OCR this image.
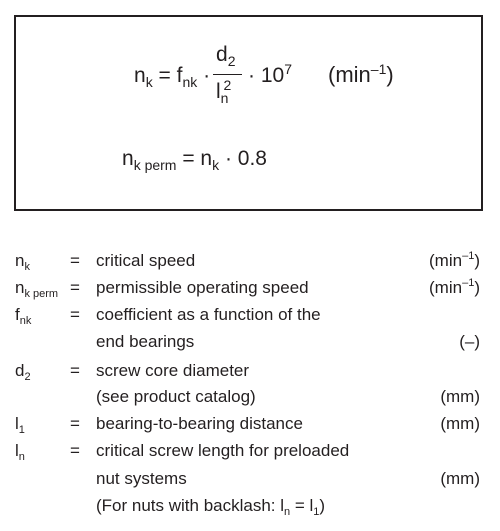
$n_k = f_{nk}$ ·
$d_2$
$l_n^2 \cdot 10^7$ $(\min^{-1})$
$n_{k perm} = n_k \cdot 0.8$
$n_k$ = critical speed	$(\min^{-1})$
$n_{k perm}$ = permissible operating speed	$(\min^{-1})$
$f_{nk}$ = coefficient as a function of the
end bearings	(–)
$d_2$ = screw core diameter
(see product catalog)	(mm)
$l_1$	= bearing-to-bearing distance	(mm)
$l_n$	= critical screw length for preloaded
nut systems	(mm)
(For nuts with backlash: $l_n = l_1$)
